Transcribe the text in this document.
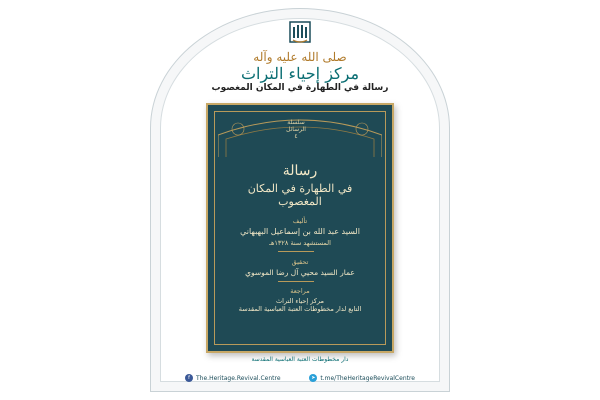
صلى الله عليه وآله
مركز إحياء التراث
رسالة في الطهارة في المكان المغصوب
سلسلة الرسائل
٤
رسالة
في الطهارة في المكان المغصوب
تأليف
السيد عبد الله بن إسماعيل البهبهاني
المستشهد سنة ١٣٢٨هـ
تحقيق
عمار السيد محيي آل رضا الموسوي
مراجعة
مركز إحياء التراث
التابع لدار مخطوطات العتبة العباسية المقدسة
دار مخطوطات العتبة العباسية المقدسة
f	The.Heritage.Revival.Centre	➤ t.me/TheHeritageRevivalCentre
